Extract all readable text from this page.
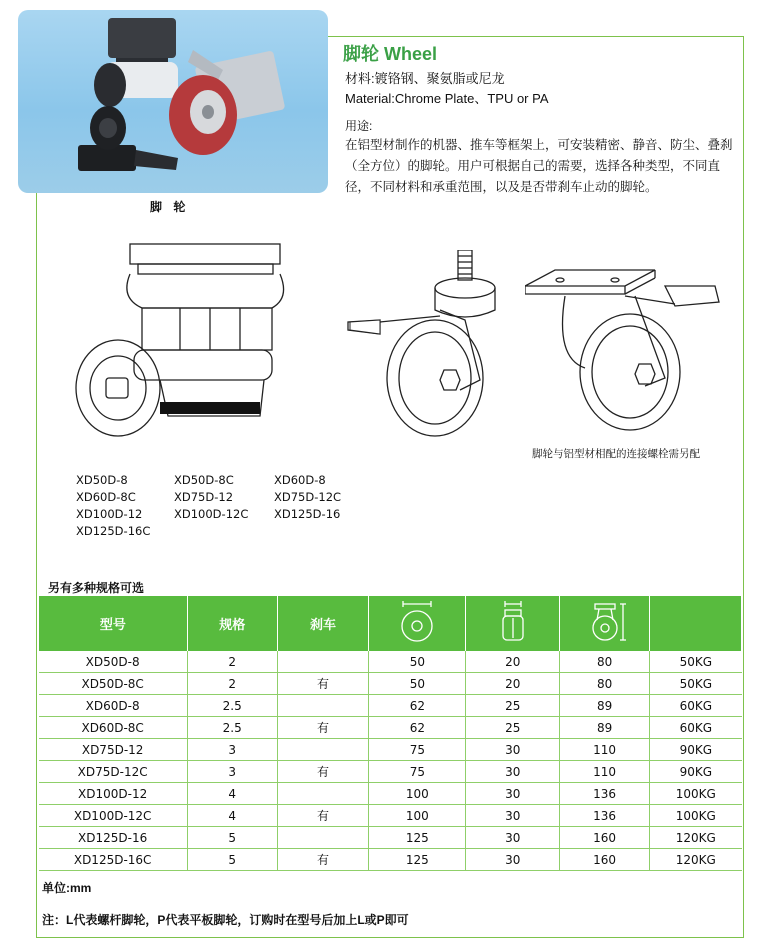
脚 轮
脚轮 Wheel
材料:镀铬钢、聚氨脂或尼龙
Material:Chrome Plate、TPU or PA
用途:
在铝型材制作的机器、推车等框架上，可安装精密、静音、防尘、叠刹（全方位）的脚轮。用户可根据自己的需要，选择各种类型，不同直径，不同材料和承重范围，以及是否带刹车止动的脚轮。
脚轮与铝型材相配的连接螺栓需另配
XD50D-8
XD60D-8C
XD100D-12
XD125D-16C
XD50D-8C
XD75D-12
XD100D-12C
XD60D-8
XD75D-12C
XD125D-16
另有多种规格可选
型号	规格	刹车				
XD50D-8	2		50	20	80	50KG
XD50D-8C	2	有	50	20	80	50KG
XD60D-8	2.5		62	25	89	60KG
XD60D-8C	2.5	有	62	25	89	60KG
XD75D-12	3		75	30	110	90KG
XD75D-12C	3	有	75	30	110	90KG
XD100D-12	4		100	30	136	100KG
XD100D-12C	4	有	100	30	136	100KG
XD125D-16	5		125	30	160	120KG
XD125D-16C	5	有	125	30	160	120KG
单位:mm
注：L代表螺杆脚轮，P代表平板脚轮，订购时在型号后加上L或P即可
